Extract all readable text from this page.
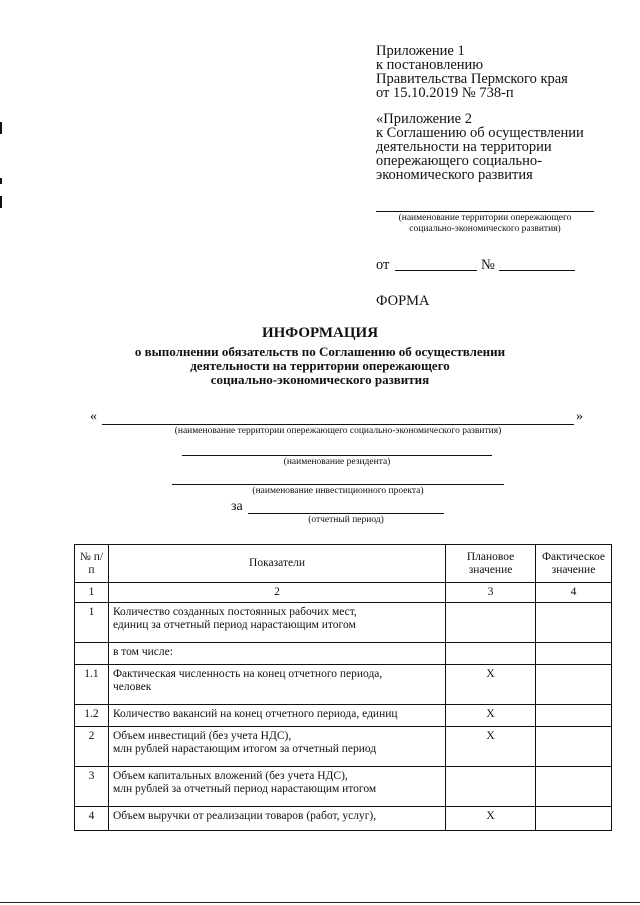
Приложение 1
к постановлению
Правительства Пермского края
от 15.10.2019 № 738-п
«Приложение 2
к Соглашению об осуществлении
деятельности на территории
опережающего социально-
экономического развития
(наименование территории опережающего
социально-экономического развития)
от	№
ФОРМА
ИНФОРМАЦИЯ
о выполнении обязательств по Соглашению об осуществлении
деятельности на территории опережающего
социально-экономического развития
«	»
(наименование территории опережающего социально-экономического развития)
(наименование резидента)
(наименование инвестиционного проекта)
за
(отчетный период)
№ п/п	Показатели	Плановое значение	Фактическое значение
1	2	3	4
1	Количество созданных постоянных рабочих мест,
единиц за отчетный период нарастающим итогом		

	в том числе:		

1.1	Фактическая численность на конец отчетного периода,
человек	Х	
1.2	Количество вакансий на конец отчетного периода, единиц	Х	
2	Объем инвестиций (без учета НДС),
млн рублей нарастающим итогом за отчетный период	Х	
3	Объем капитальных вложений (без учета НДС),
млн рублей за отчетный период нарастающим итогом		

4	Объем выручки от реализации товаров (работ, услуг),	Х	
